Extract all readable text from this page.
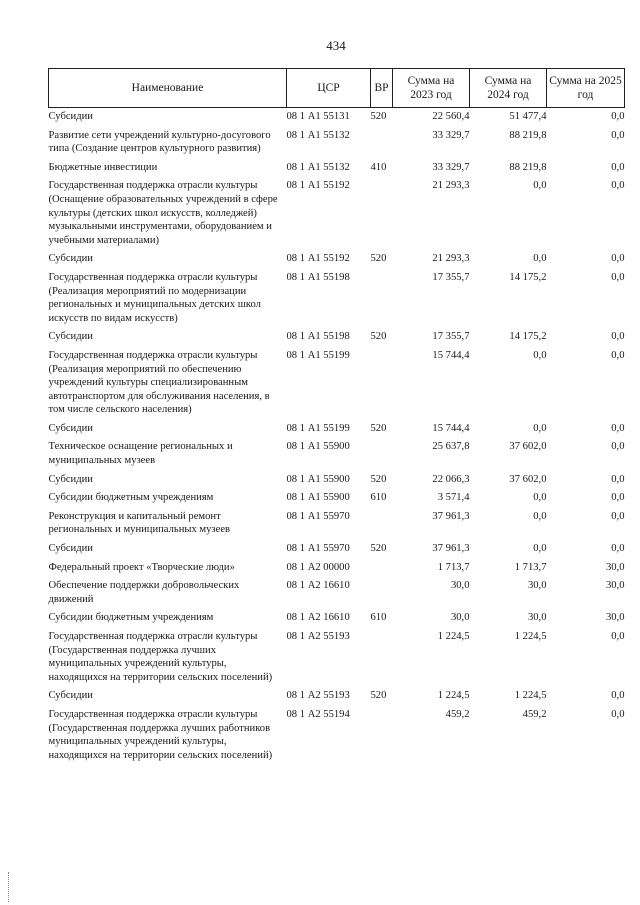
434
Наименование	ЦСР	ВР	Сумма на 2023 год	Сумма на 2024 год	Сумма на 2025 год
Субсидии	08 1 А1 55131	520	22 560,4	51 477,4	0,0
Развитие сети учреждений культурно-досугового типа (Создание центров культурного развития)	08 1 А1 55132		33 329,7	88 219,8	0,0
Бюджетные инвестиции	08 1 А1 55132	410	33 329,7	88 219,8	0,0
Государственная поддержка отрасли культуры (Оснащение образовательных учреждений в сфере культуры (детских школ искусств, колледжей) музыкальными инструментами, оборудованием и учебными материалами)	08 1 А1 55192		21 293,3	0,0	0,0
Субсидии	08 1 А1 55192	520	21 293,3	0,0	0,0
Государственная поддержка отрасли культуры (Реализация мероприятий по модернизации региональных и муниципальных детских школ искусств по видам искусств)	08 1 А1 55198		17 355,7	14 175,2	0,0
Субсидии	08 1 А1 55198	520	17 355,7	14 175,2	0,0
Государственная поддержка отрасли культуры (Реализация мероприятий по обеспечению учреждений культуры специализированным автотранспортом для обслуживания населения, в том числе сельского населения)	08 1 А1 55199		15 744,4	0,0	0,0
Субсидии	08 1 А1 55199	520	15 744,4	0,0	0,0
Техническое оснащение региональных и муниципальных музеев	08 1 А1 55900		25 637,8	37 602,0	0,0
Субсидии	08 1 А1 55900	520	22 066,3	37 602,0	0,0
Субсидии бюджетным учреждениям	08 1 А1 55900	610	3 571,4	0,0	0,0
Реконструкция и капитальный ремонт региональных и муниципальных музеев	08 1 А1 55970		37 961,3	0,0	0,0
Субсидии	08 1 А1 55970	520	37 961,3	0,0	0,0
Федеральный проект «Творческие люди»	08 1 А2 00000		1 713,7	1 713,7	30,0
Обеспечение поддержки добровольческих движений	08 1 А2 16610		30,0	30,0	30,0
Субсидии бюджетным учреждениям	08 1 А2 16610	610	30,0	30,0	30,0
Государственная поддержка отрасли культуры (Государственная поддержка лучших муниципальных учреждений культуры, находящихся на территории сельских поселений)	08 1 А2 55193		1 224,5	1 224,5	0,0
Субсидии	08 1 А2 55193	520	1 224,5	1 224,5	0,0
Государственная поддержка отрасли культуры (Государственная поддержка лучших работников муниципальных учреждений культуры, находящихся на территории сельских поселений)	08 1 А2 55194		459,2	459,2	0,0
